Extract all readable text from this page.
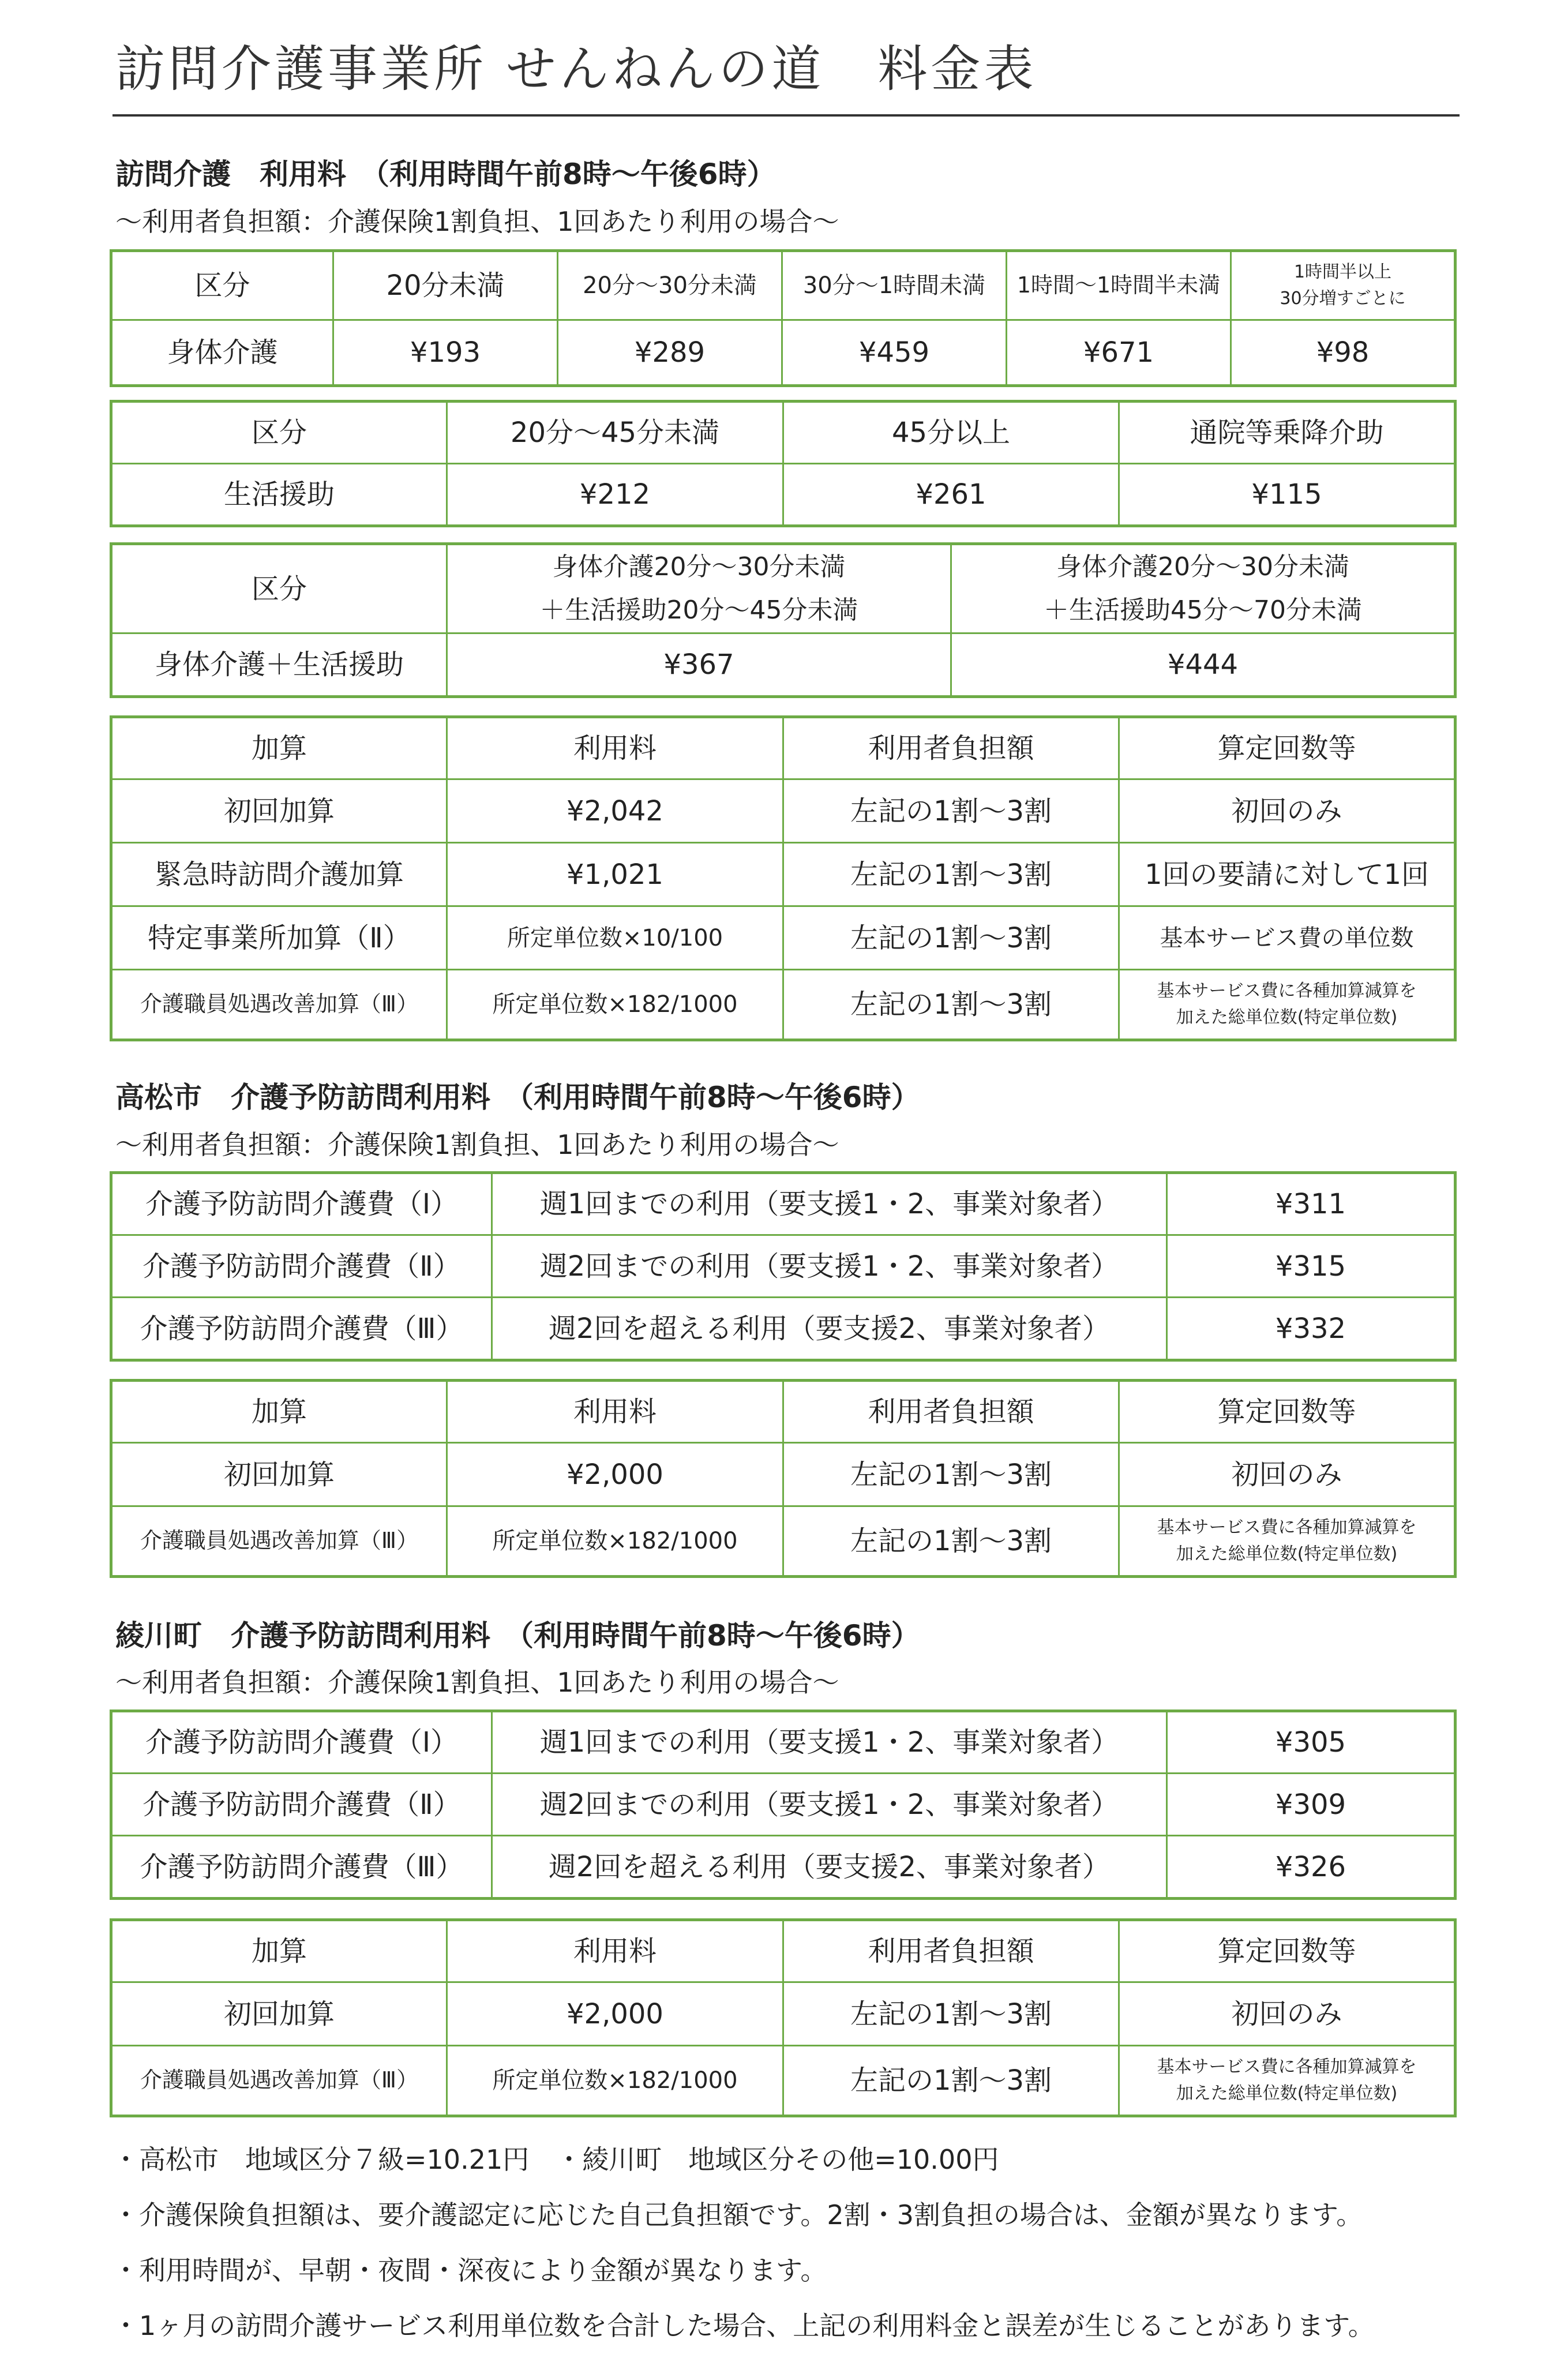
訪問介護事業所 せんねんの道　料金表
訪問介護　利用料　（利用時間午前8時〜午後6時）
〜利用者負担額：介護保険1割負担、1回あたり利用の場合〜
区分	20分未満	20分〜30分未満	30分〜1時間未満	1時間〜1時間半未満	1時間半以上
30分増すごとに
身体介護	¥193	¥289	¥459	¥671	¥98
区分	20分〜45分未満	45分以上	通院等乗降介助
生活援助	¥212	¥261	¥115
区分	身体介護20分〜30分未満
＋生活援助20分〜45分未満	身体介護20分〜30分未満
＋生活援助45分〜70分未満
身体介護＋生活援助	¥367	¥444
加算	利用料	利用者負担額	算定回数等
初回加算	¥2,042	左記の1割〜3割	初回のみ
緊急時訪問介護加算	¥1,021	左記の1割〜3割	1回の要請に対して1回
特定事業所加算（Ⅱ）	所定単位数×10/100	左記の1割〜3割	基本サービス費の単位数
介護職員処遇改善加算（Ⅲ）	所定単位数×182/1000	左記の1割〜3割	基本サービス費に各種加算減算を
加えた総単位数(特定単位数)
高松市　介護予防訪問利用料　（利用時間午前8時〜午後6時）
〜利用者負担額：介護保険1割負担、1回あたり利用の場合〜
介護予防訪問介護費（Ⅰ）	週1回までの利用（要支援1・2、事業対象者）	¥311
介護予防訪問介護費（Ⅱ）	週2回までの利用（要支援1・2、事業対象者）	¥315
介護予防訪問介護費（Ⅲ）	週2回を超える利用（要支援2、事業対象者）	¥332
加算	利用料	利用者負担額	算定回数等
初回加算	¥2,000	左記の1割〜3割	初回のみ
介護職員処遇改善加算（Ⅲ）	所定単位数×182/1000	左記の1割〜3割	基本サービス費に各種加算減算を
加えた総単位数(特定単位数)
綾川町　介護予防訪問利用料　（利用時間午前8時〜午後6時）
〜利用者負担額：介護保険1割負担、1回あたり利用の場合〜
介護予防訪問介護費（Ⅰ）	週1回までの利用（要支援1・2、事業対象者）	¥305
介護予防訪問介護費（Ⅱ）	週2回までの利用（要支援1・2、事業対象者）	¥309
介護予防訪問介護費（Ⅲ）	週2回を超える利用（要支援2、事業対象者）	¥326
加算	利用料	利用者負担額	算定回数等
初回加算	¥2,000	左記の1割〜3割	初回のみ
介護職員処遇改善加算（Ⅲ）	所定単位数×182/1000	左記の1割〜3割	基本サービス費に各種加算減算を
加えた総単位数(特定単位数)
・高松市　地域区分７級=10.21円　・綾川町　地域区分その他=10.00円
・介護保険負担額は、要介護認定に応じた自己負担額です。2割・3割負担の場合は、金額が異なります。
・利用時間が、早朝・夜間・深夜により金額が異なります。
・1ヶ月の訪問介護サービス利用単位数を合計した場合、上記の利用料金と誤差が生じることがあります。
